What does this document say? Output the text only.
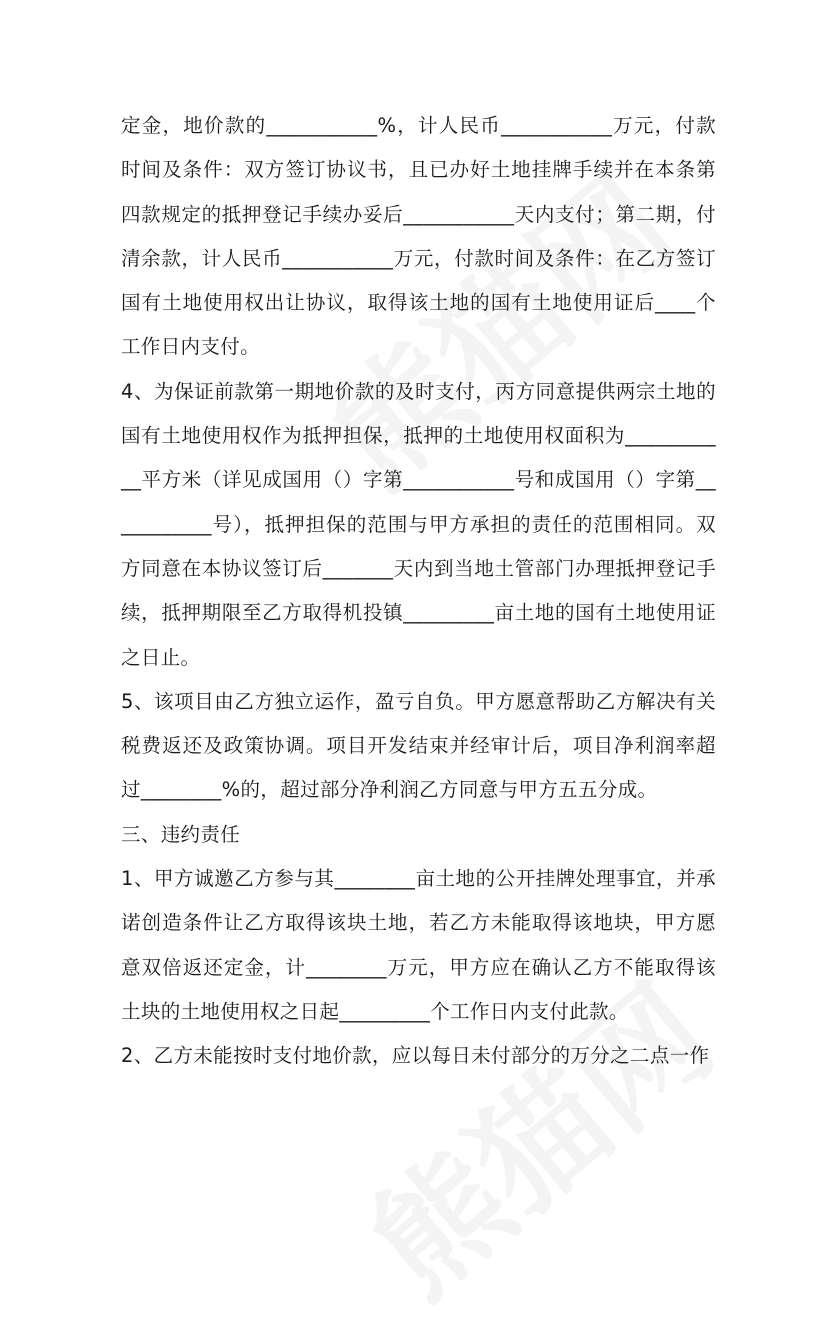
定金，地价款的___________%，计人民币___________万元，付款时间及条件：双方签订协议书，且已办好土地挂牌手续并在本条第四款规定的抵押登记手续办妥后___________天内支付；第二期，付清余款，计人民币___________万元，付款时间及条件：在乙方签订国有土地使用权出让协议，取得该土地的国有土地使用证后____个工作日内支付。

4、为保证前款第一期地价款的及时支付，丙方同意提供两宗土地的国有土地使用权作为抵押担保，抵押的土地使用权面积为___________平方米（详见成国用（）字第___________号和成国用（）字第___________号），抵押担保的范围与甲方承担的责任的范围相同。双方同意在本协议签订后_______天内到当地土管部门办理抵押登记手续，抵押期限至乙方取得机投镇_________亩土地的国有土地使用证之日止。

5、该项目由乙方独立运作，盈亏自负。甲方愿意帮助乙方解决有关税费返还及政策协调。项目开发结束并经审计后，项目净利润率超过________%的，超过部分净利润乙方同意与甲方五五分成。

三、违约责任

1、甲方诚邀乙方参与其________亩土地的公开挂牌处理事宜，并承诺创造条件让乙方取得该块土地，若乙方未能取得该地块，甲方愿意双倍返还定金，计________万元，甲方应在确认乙方不能取得该土块的土地使用权之日起_________个工作日内支付此款。

2、乙方未能按时支付地价款，应以每日未付部分的万分之二点一作
